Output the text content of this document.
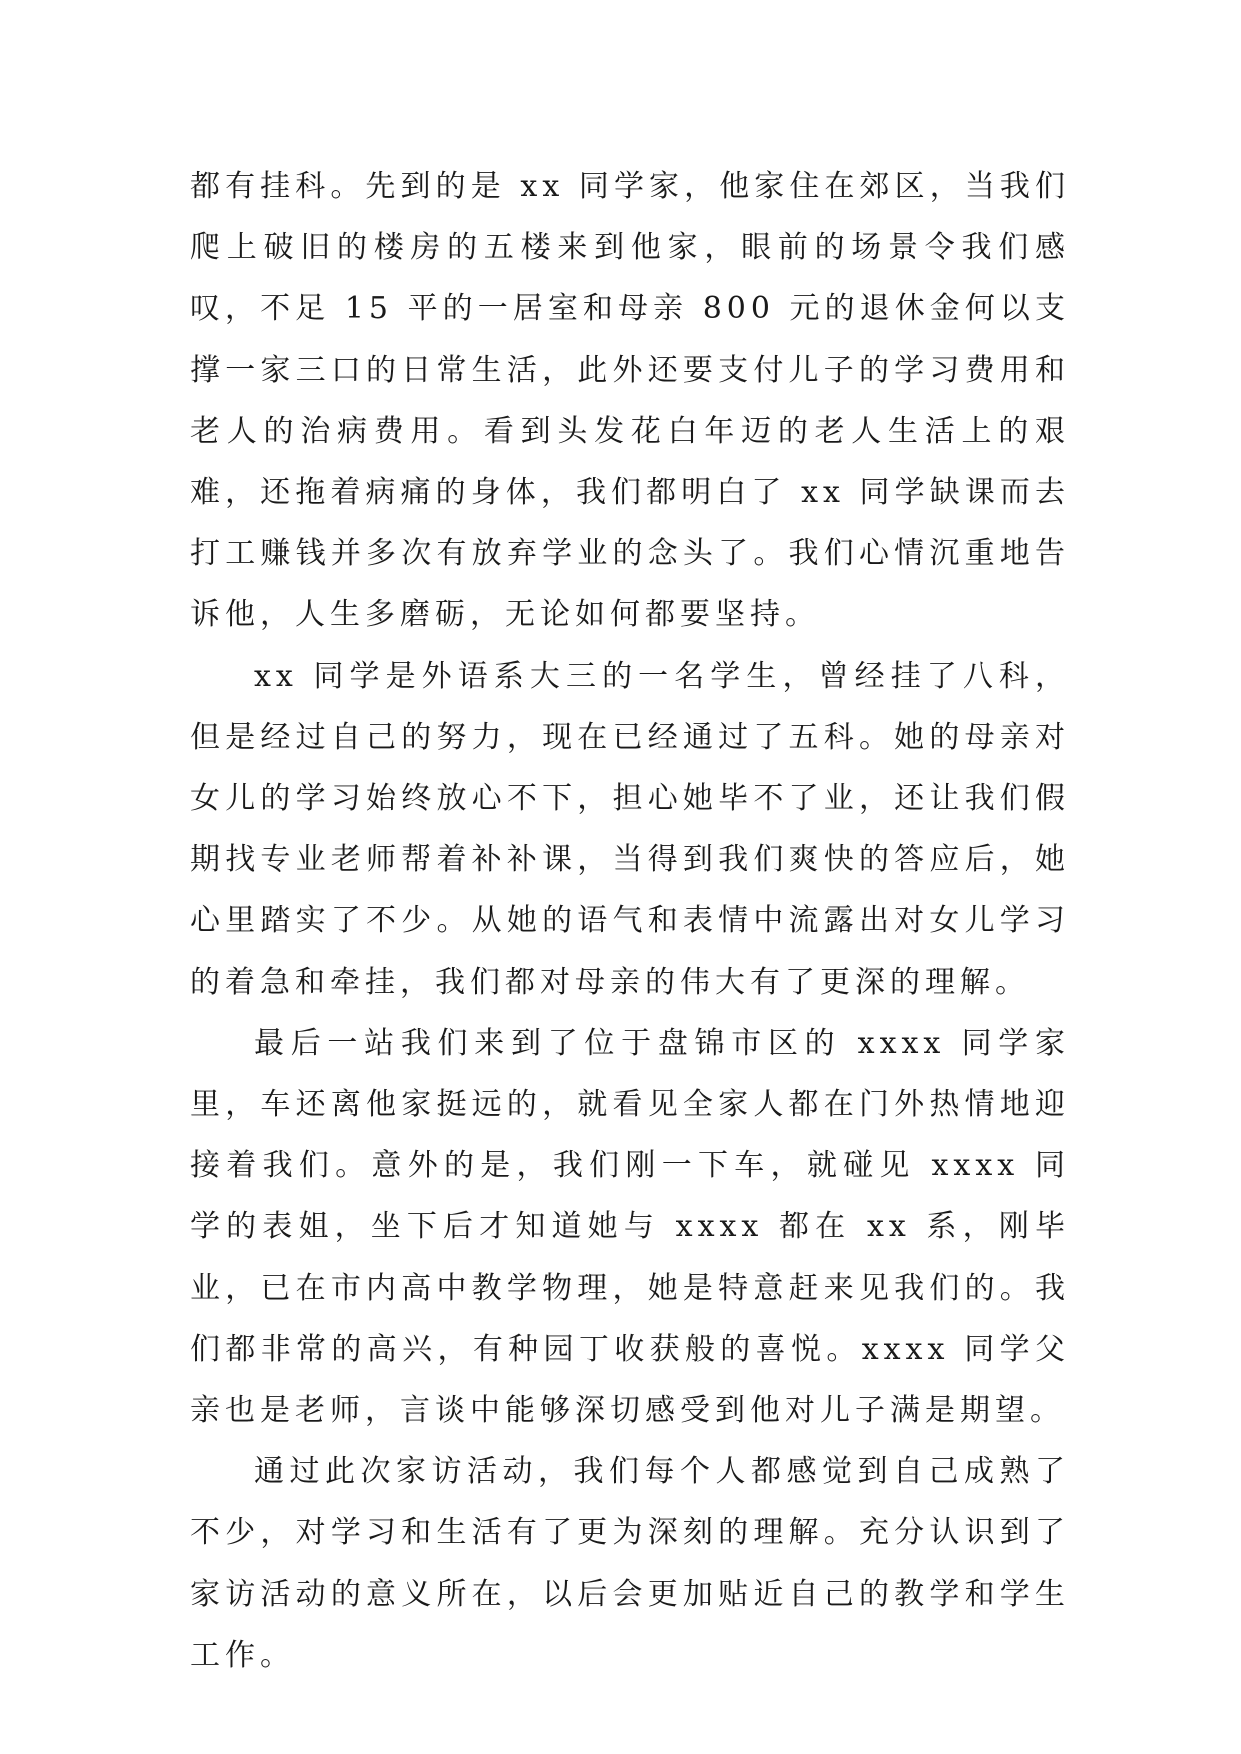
都有挂科。先到的是 xx 同学家，他家住在郊区，当我们爬上破旧的楼房的五楼来到他家，眼前的场景令我们感叹，不足 15 平的一居室和母亲 800 元的退休金何以支撑一家三口的日常生活，此外还要支付儿子的学习费用和老人的治病费用。看到头发花白年迈的老人生活上的艰难，还拖着病痛的身体，我们都明白了 xx 同学缺课而去打工赚钱并多次有放弃学业的念头了。我们心情沉重地告诉他，人生多磨砺，无论如何都要坚持。

xx 同学是外语系大三的一名学生，曾经挂了八科，但是经过自己的努力，现在已经通过了五科。她的母亲对女儿的学习始终放心不下，担心她毕不了业，还让我们假期找专业老师帮着补补课，当得到我们爽快的答应后，她心里踏实了不少。从她的语气和表情中流露出对女儿学习的着急和牵挂，我们都对母亲的伟大有了更深的理解。

最后一站我们来到了位于盘锦市区的 xxxx 同学家里，车还离他家挺远的，就看见全家人都在门外热情地迎接着我们。意外的是，我们刚一下车，就碰见 xxxx 同学的表姐，坐下后才知道她与 xxxx 都在 xx 系，刚毕业，已在市内高中教学物理，她是特意赶来见我们的。我们都非常的高兴，有种园丁收获般的喜悦。xxxx 同学父亲也是老师，言谈中能够深切感受到他对儿子满是期望。

通过此次家访活动，我们每个人都感觉到自己成熟了不少，对学习和生活有了更为深刻的理解。充分认识到了家访活动的意义所在，以后会更加贴近自己的教学和学生工作。
